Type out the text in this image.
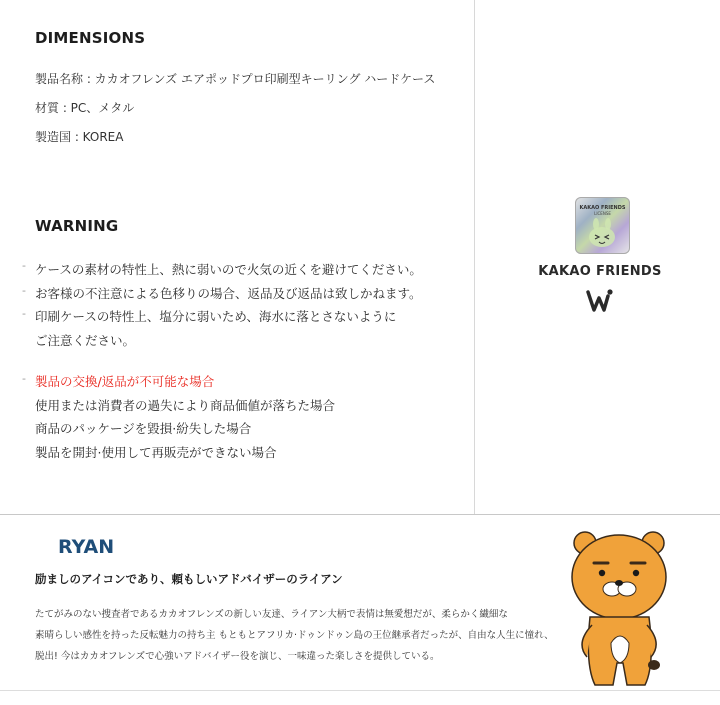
DIMENSIONS
製品名称 : カカオフレンズ エアポッドプロ印刷型キーリング ハードケース
材質 : PC、メタル
製造国 : KOREA
WARNING
- ケースの素材の特性上、熱に弱いので火気の近くを避けてください。
- お客様の不注意による色移りの場合、返品及び返品は致しかねます。
- 印刷ケースの特性上、塩分に弱いため、海水に落とさないように
ご注意ください。
- 製品の交換/返品が不可能な場合
使用または消費者の過失により商品価値が落ちた場合
商品のパッケージを毀損·紛失した場合
製品を開封·使用して再販売ができない場合
KAKAO FRIENDS
LICENSE
KAKAO FRIENDS
RYAN
励ましのアイコンであり、頼もしいアドバイザーのライアン
たてがみのない捜査者であるカカオフレンズの新しい友達、ライアン大柄で表情は無愛想だが、柔らかく繊細な
素晴らしい感性を持った反転魅力の持ち主 もともとアフリカ·ドゥンドゥン島の王位継承者だったが、自由な人生に憧れ、
脱出! 今はカカオフレンズで心強いアドバイザー役を演じ、一味違った楽しさを提供している。
